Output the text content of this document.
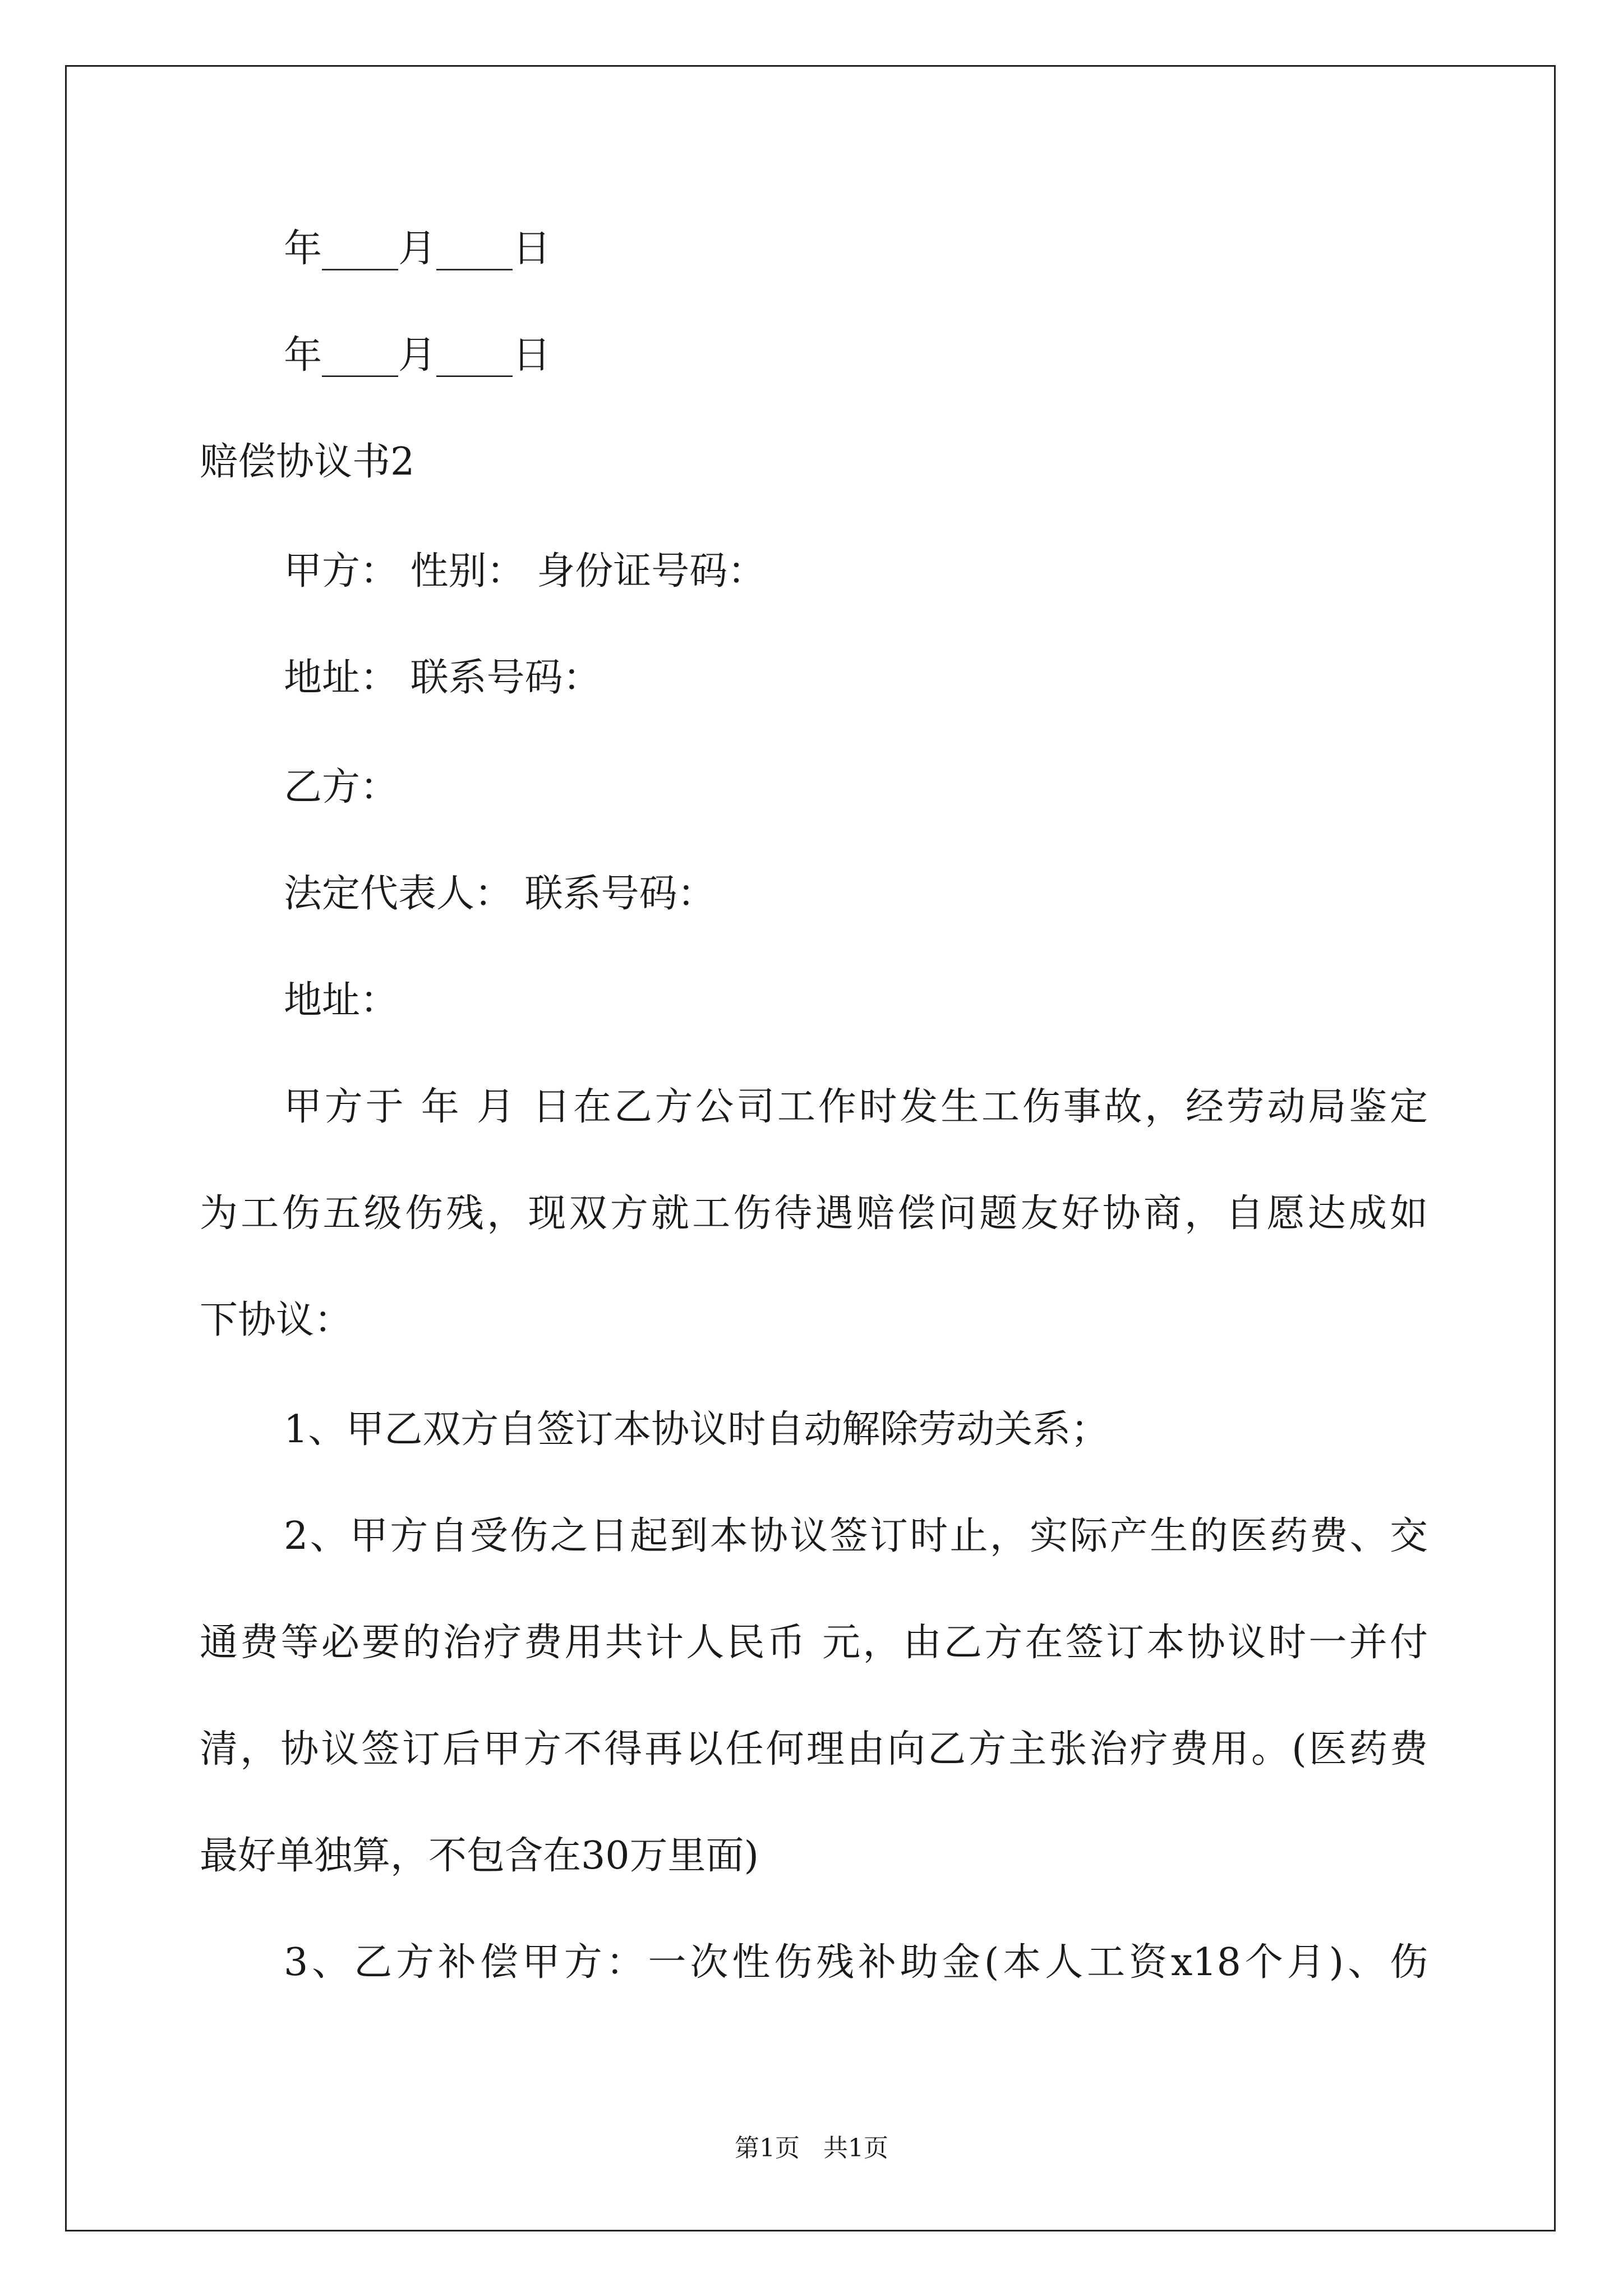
年____月____日
年____月____日
赔偿协议书2
甲方： 性别： 身份证号码：
地址： 联系号码：
乙方：
法定代表人： 联系号码：
地址：
甲方于 年 月 日在乙方公司工作时发生工伤事故，经劳动局鉴定
为工伤五级伤残，现双方就工伤待遇赔偿问题友好协商，自愿达成如
下协议：
1、甲乙双方自签订本协议时自动解除劳动关系；
2、甲方自受伤之日起到本协议签订时止，实际产生的医药费、交
通费等必要的治疗费用共计人民币 元，由乙方在签订本协议时一并付
清，协议签订后甲方不得再以任何理由向乙方主张治疗费用。(医药费
最好单独算，不包含在30万里面)
3、乙方补偿甲方：一次性伤残补助金(本人工资x18个月)、伤
第1页   共1页
